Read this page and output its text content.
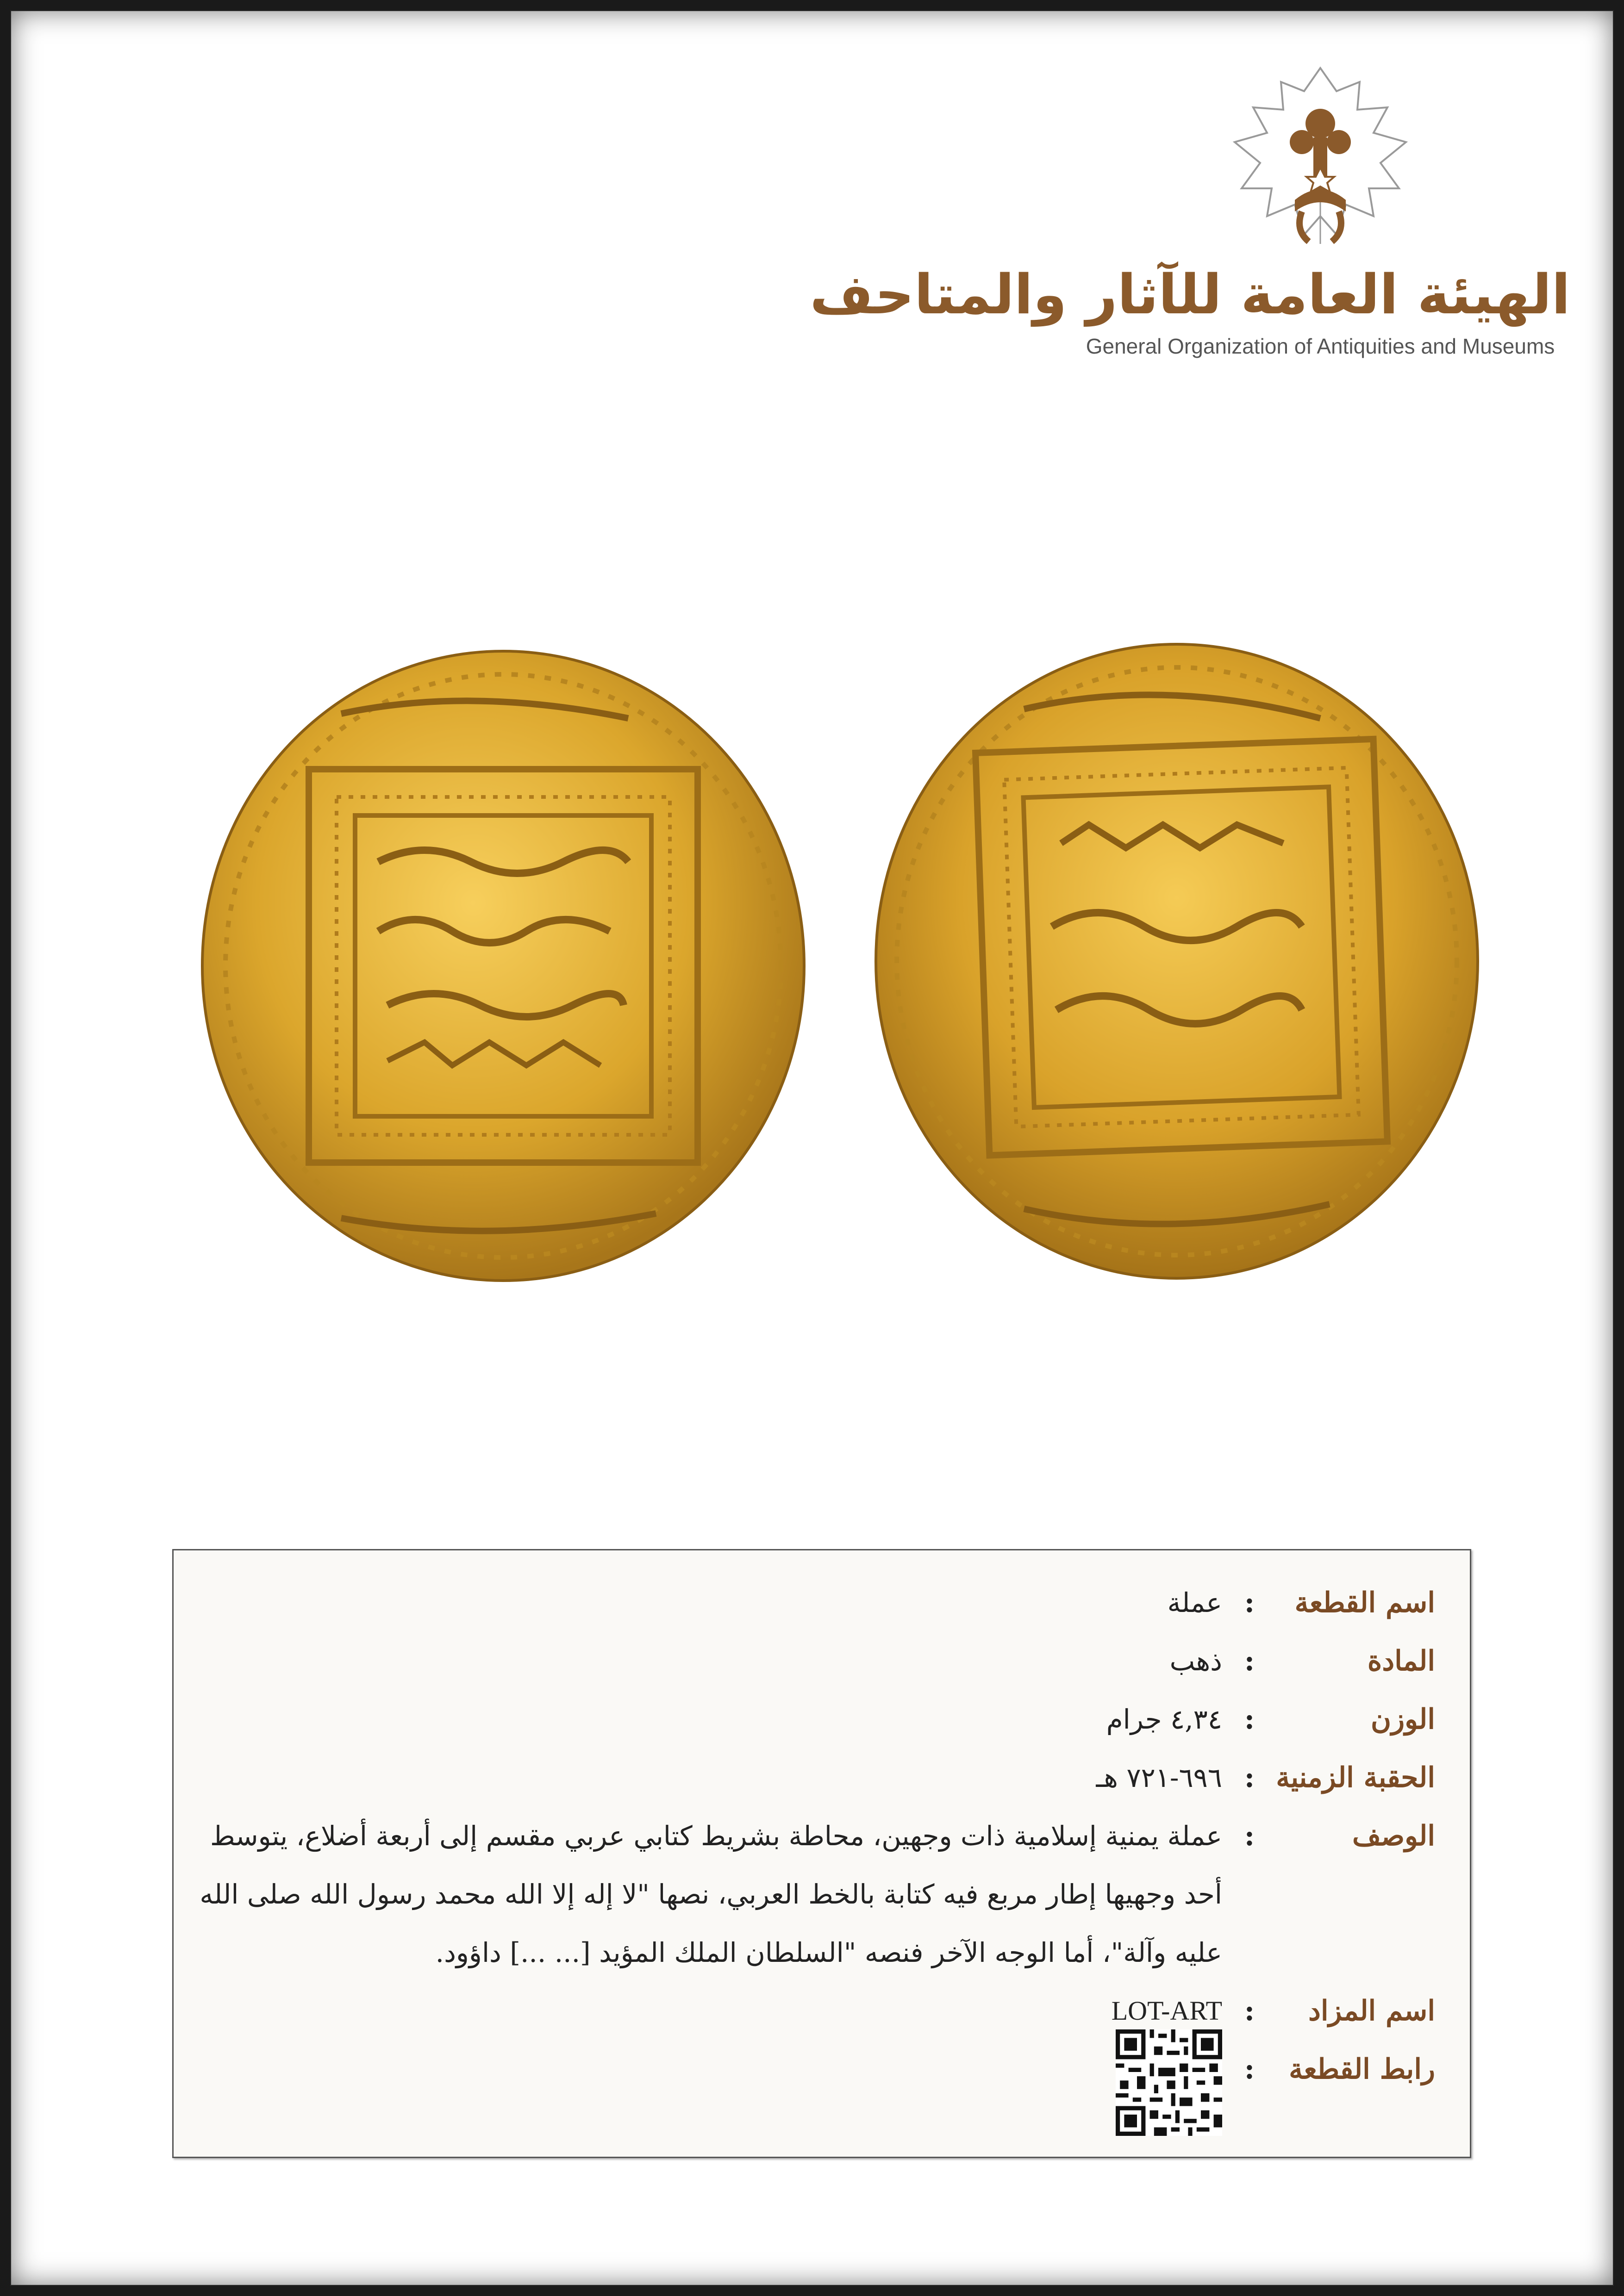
الهيئة العامة للآثار والمتاحف
General Organization of Antiquities and Museums
اسم القطعة
:
عملة
المادة
:
ذهب
الوزن
:
٤,٣٤ جرام
الحقبة الزمنية
:
٦٩٦-٧٢١ هـ
الوصف
:
عملة يمنية إسلامية ذات وجهين، محاطة بشريط كتابي عربي مقسم إلى أربعة أضلاع، يتوسط أحد وجهيها إطار مربع فيه كتابة بالخط العربي، نصها "لا إله إلا الله محمد رسول الله صلى الله عليه وآلة"، أما الوجه الآخر فنصه "السلطان الملك المؤيد [... ...] داؤود.
اسم المزاد
:
LOT-ART
رابط القطعة
:
